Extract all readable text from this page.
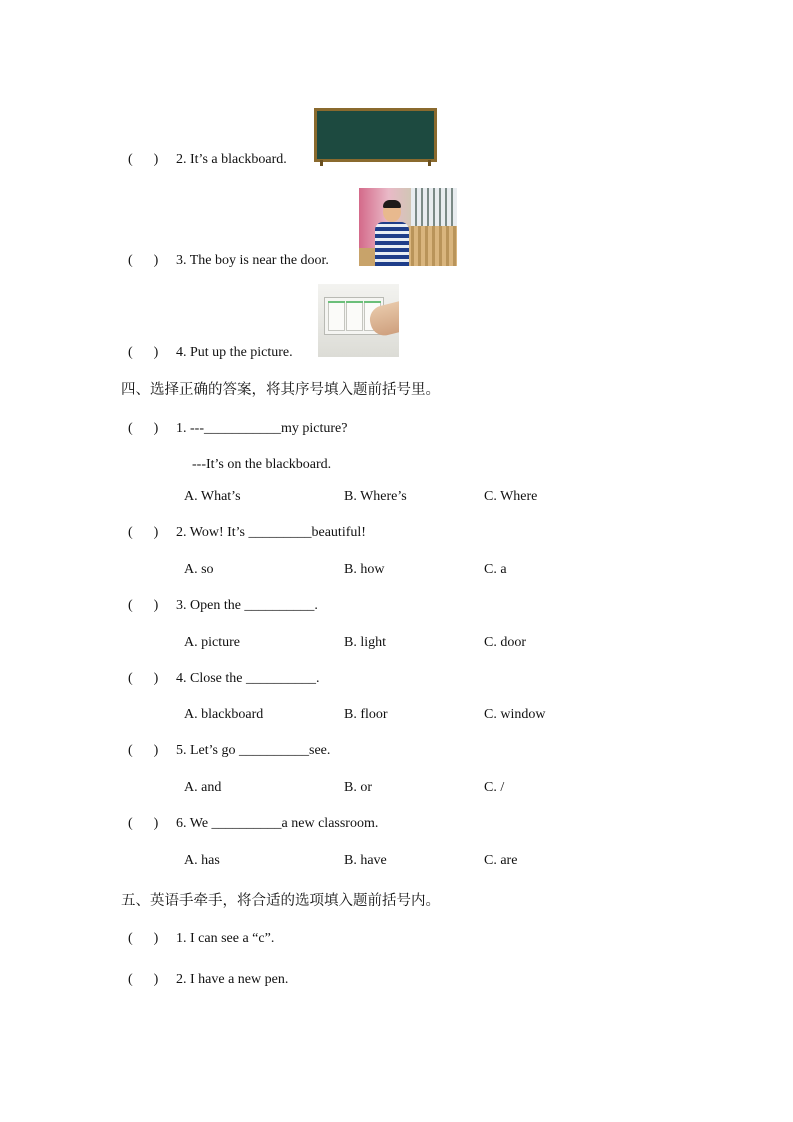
(      ) 2. It’s a blackboard.
(      ) 3. The boy is near the door.
(      ) 4. Put up the picture.
四、选择正确的答案，将其序号填入题前括号里。
(      ) 1. ---___________my picture?
---It’s on the blackboard.
A. What’s	B. Where’s	C. Where
(      ) 2. Wow! It’s _________beautiful!
A. so	B. how	C. a
(      ) 3. Open the __________.
A. picture	B. light	C. door
(      ) 4. Close the __________.
A. blackboard	B. floor	C. window
(      ) 5. Let’s go __________see.
A. and	B. or	C. /
(      ) 6. We __________a new classroom.
A. has	B. have	C. are
五、英语手牵手，将合适的选项填入题前括号内。
(      ) 1. I can see a “c”.
(      ) 2. I have a new pen.
